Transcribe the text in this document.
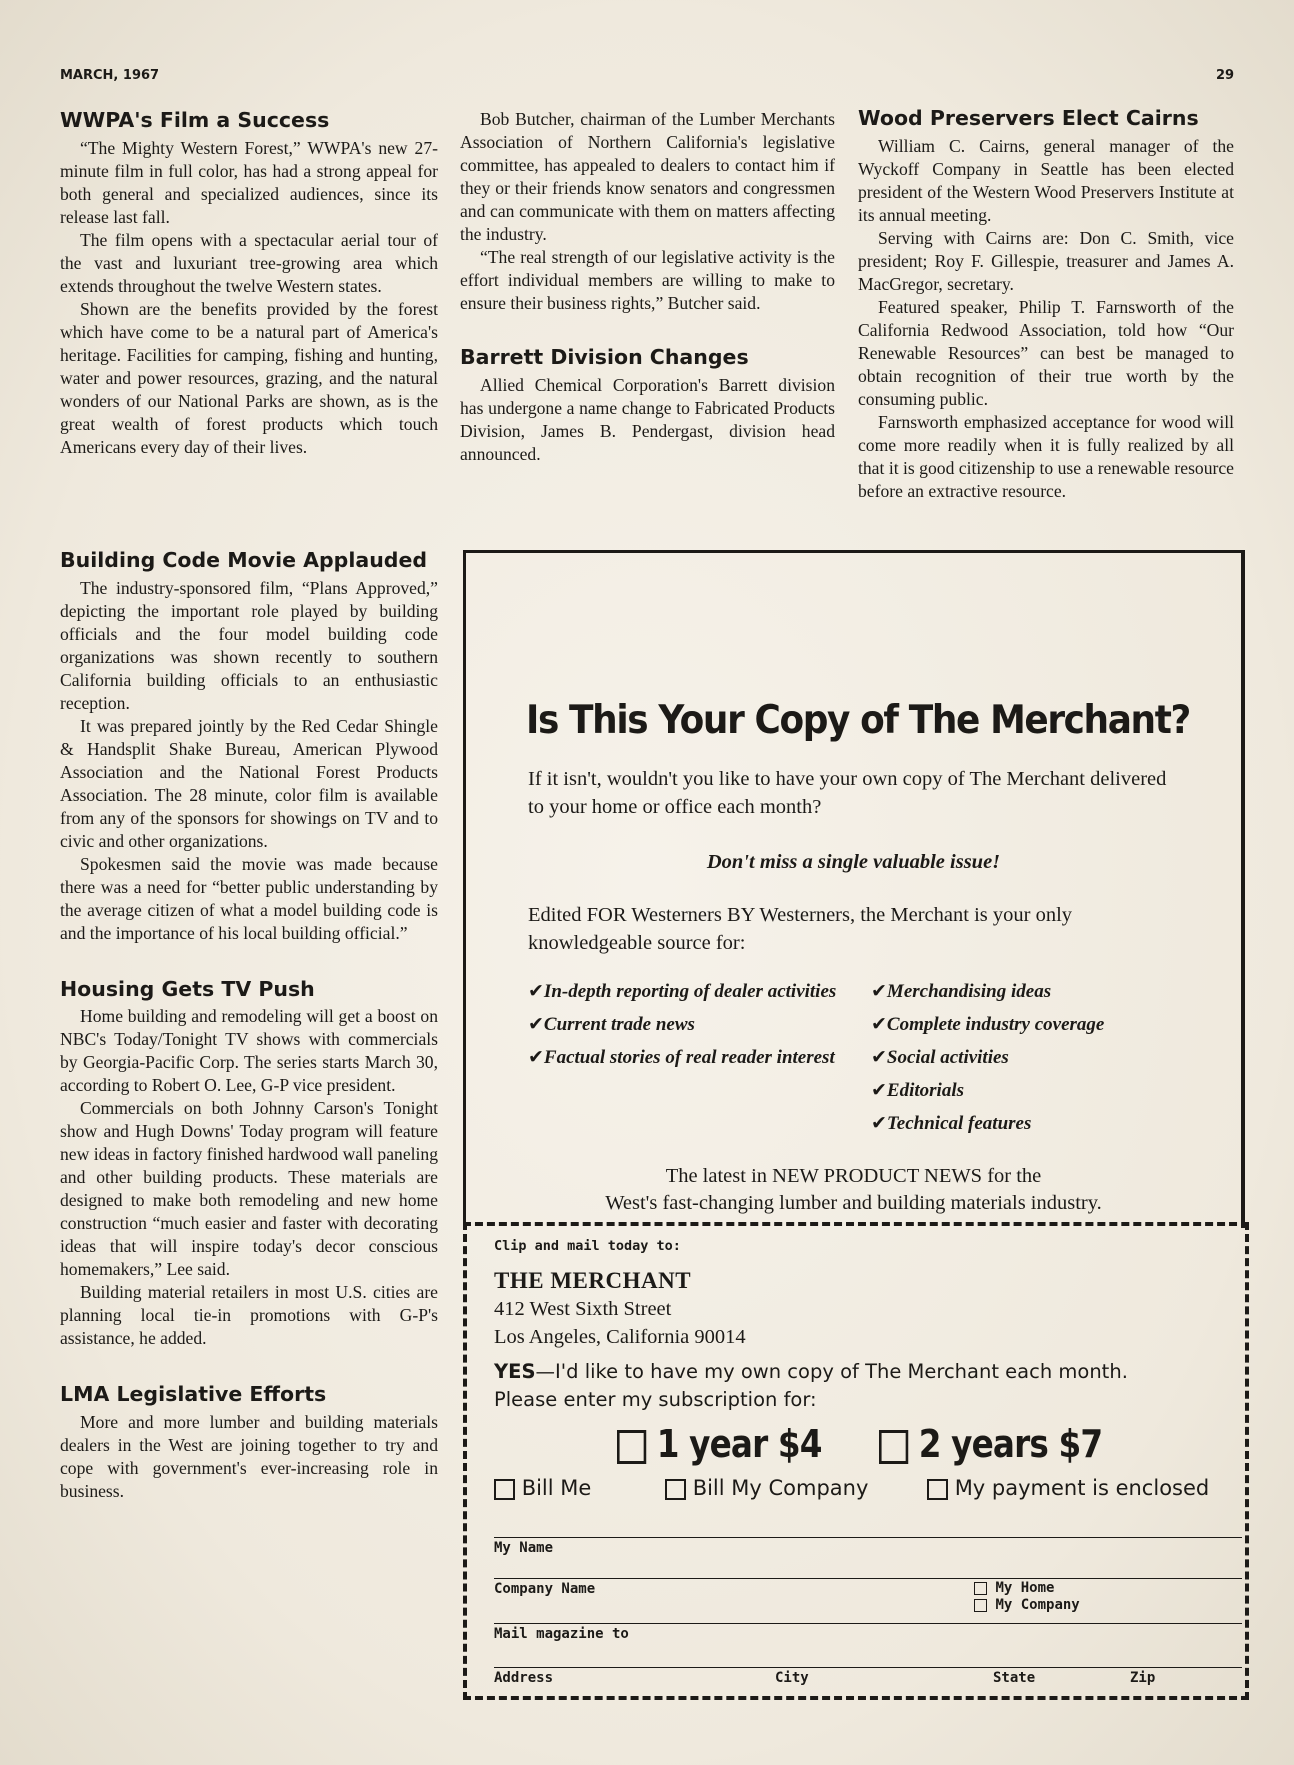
MARCH, 1967	29
WWPA's Film a Success

“The Mighty Western Forest,” WWPA's new 27-minute film in full color, has had a strong appeal for both general and specialized audiences, since its release last fall.

The film opens with a spectacular aerial tour of the vast and luxuriant tree-growing area which extends throughout the twelve Western states.

Shown are the benefits provided by the forest which have come to be a natural part of America's heritage. Facilities for camping, fishing and hunting, water and power resources, grazing, and the natural wonders of our National Parks are shown, as is the great wealth of forest products which touch Americans every day of their lives.

Building Code Movie Applauded

The industry-sponsored film, “Plans Approved,” depicting the important role played by building officials and the four model building code organizations was shown recently to southern California building officials to an enthusiastic reception.

It was prepared jointly by the Red Cedar Shingle & Handsplit Shake Bureau, American Plywood Association and the National Forest Products Association. The 28 minute, color film is available from any of the sponsors for showings on TV and to civic and other organizations.

Spokesmen said the movie was made because there was a need for “better public understanding by the average citizen of what a model building code is and the importance of his local building official.”

Housing Gets TV Push

Home building and remodeling will get a boost on NBC's Today/Tonight TV shows with commercials by Georgia-Pacific Corp. The series starts March 30, according to Robert O. Lee, G-P vice president.

Commercials on both Johnny Carson's Tonight show and Hugh Downs' Today program will feature new ideas in factory finished hardwood wall paneling and other building products. These materials are designed to make both remodeling and new home construction “much easier and faster with decorating ideas that will inspire today's decor conscious homemakers,” Lee said.

Building material retailers in most U.S. cities are planning local tie-in promotions with G-P's assistance, he added.

LMA Legislative Efforts

More and more lumber and building materials dealers in the West are joining together to try and cope with government's ever-increasing role in business.

Bob Butcher, chairman of the Lumber Merchants Association of Northern California's legislative committee, has appealed to dealers to contact him if they or their friends know senators and congressmen and can communicate with them on matters affecting the industry.

“The real strength of our legislative activity is the effort individual members are willing to make to ensure their business rights,” Butcher said.

Barrett Division Changes

Allied Chemical Corporation's Barrett division has undergone a name change to Fabricated Products Division, James B. Pendergast, division head announced.

Wood Preservers Elect Cairns

William C. Cairns, general manager of the Wyckoff Company in Seattle has been elected president of the Western Wood Preservers Institute at its annual meeting.

Serving with Cairns are: Don C. Smith, vice president; Roy F. Gillespie, treasurer and James A. MacGregor, secretary.

Featured speaker, Philip T. Farnsworth of the California Redwood Association, told how “Our Renewable Resources” can best be managed to obtain recognition of their true worth by the consuming public.

Farnsworth emphasized acceptance for wood will come more readily when it is fully realized by all that it is good citizenship to use a renewable resource before an extractive resource.

Is This Your Copy of The Merchant?
If it isn't, wouldn't you like to have your own copy of The Merchant delivered to your home or office each month?
Don't miss a single valuable issue!
Edited FOR Westerners BY Westerners, the Merchant is your only knowledgeable source for:
✔In-depth reporting of dealer activities
✔Current trade news
✔Factual stories of real reader interest
✔Merchandising ideas
✔Complete industry coverage
✔Social activities
✔Editorials
✔Technical features
The latest in NEW PRODUCT NEWS for the
West's fast-changing lumber and building materials industry.
Clip and mail today to:
THE MERCHANT
412 West Sixth Street
Los Angeles, California 90014
YES—I'd like to have my own copy of The Merchant each month.
Please enter my subscription for:
1 year $4	2 years $7
Bill Me	Bill My Company	My payment is enclosed
My Name
Company Name	My Home
My Company
Mail magazine to
Address	City	State	Zip
